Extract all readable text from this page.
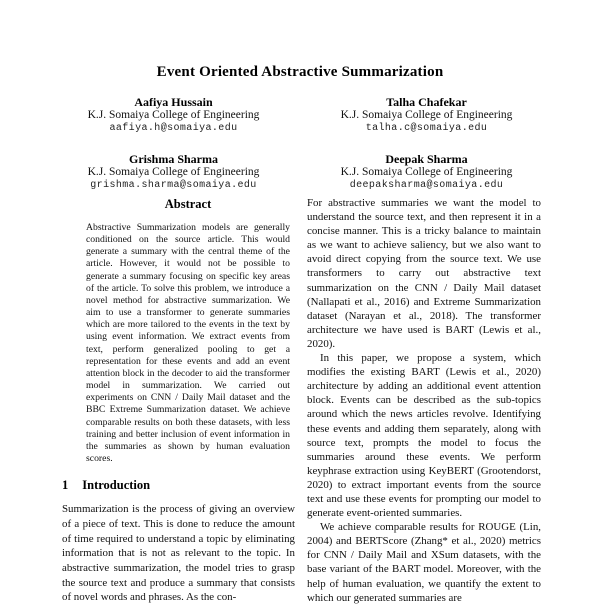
Event Oriented Abstractive Summarization
Aafiya Hussain
K.J. Somaiya College of Engineering
aafiya.h@somaiya.edu
Talha Chafekar
K.J. Somaiya College of Engineering
talha.c@somaiya.edu
Grishma Sharma
K.J. Somaiya College of Engineering
grishma.sharma@somaiya.edu
Deepak Sharma
K.J. Somaiya College of Engineering
deepaksharma@somaiya.edu
Abstract

Abstractive Summarization models are generally conditioned on the source article. This would generate a summary with the central theme of the article. However, it would not be possible to generate a summary focusing on specific key areas of the article. To solve this problem, we introduce a novel method for abstractive summarization. We aim to use a transformer to generate summaries which are more tailored to the events in the text by using event information. We extract events from text, perform generalized pooling to get a representation for these events and add an event attention block in the decoder to aid the transformer model in summarization. We carried out experiments on CNN / Daily Mail dataset and the BBC Extreme Summarization dataset. We achieve comparable results on both these datasets, with less training and better inclusion of event information in the summaries as shown by human evaluation scores.

1 Introduction

Summarization is the process of giving an overview of a piece of text. This is done to reduce the amount of time required to understand a topic by eliminating information that is not as relevant to the topic. In abstractive summarization, the model tries to grasp the source text and produce a summary that consists of novel words and phrases. As the con-

For abstractive summaries we want the model to understand the source text, and then represent it in a concise manner. This is a tricky balance to maintain as we want to achieve saliency, but we also want to avoid direct copying from the source text. We use transformers to carry out abstractive text summarization on the CNN / Daily Mail dataset (Nallapati et al., 2016) and Extreme Summarization dataset (Narayan et al., 2018). The transformer architecture we have used is BART (Lewis et al., 2020).

In this paper, we propose a system, which modifies the existing BART (Lewis et al., 2020) architecture by adding an additional event attention block. Events can be described as the sub-topics around which the news articles revolve. Identifying these events and adding them separately, along with source text, prompts the model to focus the summaries around these events. We perform keyphrase extraction using KeyBERT (Grootendorst, 2020) to extract important events from the source text and use these events for prompting our model to generate event-oriented summaries.

We achieve comparable results for ROUGE (Lin, 2004) and BERTScore (Zhang* et al., 2020) metrics for CNN / Daily Mail and XSum datasets, with the base variant of the BART model. Moreover, with the help of human evaluation, we quantify the extent to which our generated summaries are
